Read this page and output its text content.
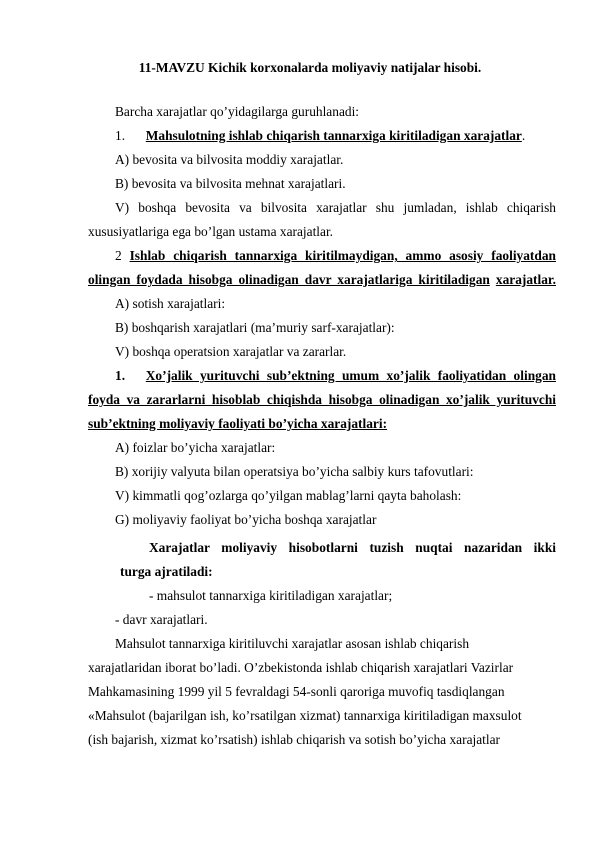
11-MAVZU Kichik korxonalarda moliyaviy natijalar hisobi.
Barcha xarajatlar qo’yidagilarga guruhlanadi:
1. Mahsulotning ishlab chiqarish tannarxiga kiritiladigan xarajatlar.
A) bevosita va bilvosita moddiy xarajatlar.
B) bevosita va bilvosita mehnat xarajatlari.
V) boshqa bevosita va bilvosita xarajatlar shu jumladan, ishlab chiqarish
xususiyatlariga ega bo’lgan ustama xarajatlar.
2 Ishlab chiqarish tannarxiga kiritilmaydigan, ammo asosiy faoliyatdan
olingan foydada hisobga olinadigan davr xarajatlariga kiritiladigan xarajatlar.
A) sotish xarajatlari:
B) boshqarish xarajatlari (ma’muriy sarf-xarajatlar):
V) boshqa operatsion xarajatlar va zararlar.
1. Xo’jalik yurituvchi sub’ektning umum xo’jalik faoliyatidan olingan
foyda va zararlarni hisoblab chiqishda hisobga olinadigan xo’jalik yurituvchi
sub’ektning moliyaviy faoliyati bo’yicha xarajatlari:
A) foizlar bo’yicha xarajatlar:
B) xorijiy valyuta bilan operatsiya bo’yicha salbiy kurs tafovutlari:
V) kimmatli qog’ozlarga qo’yilgan mablag’larni qayta baholash:
G) moliyaviy faoliyat bo’yicha boshqa xarajatlar
Xarajatlar moliyaviy hisobotlarni tuzish nuqtai nazaridan ikki
turga ajratiladi:
- mahsulot tannarxiga kiritiladigan xarajatlar;
- davr xarajatlari.
Mahsulot tannarxiga kiritiluvchi xarajatlar asosan ishlab chiqarish
xarajatlaridan iborat bo’ladi. O’zbekistonda ishlab chiqarish xarajatlari Vazirlar
Mahkamasining 1999 yil 5 fevraldagi 54-sonli qaroriga muvofiq tasdiqlangan
«Mahsulot (bajarilgan ish, ko’rsatilgan xizmat) tannarxiga kiritiladigan maxsulot
(ish bajarish, xizmat ko’rsatish) ishlab chiqarish va sotish bo’yicha xarajatlar
